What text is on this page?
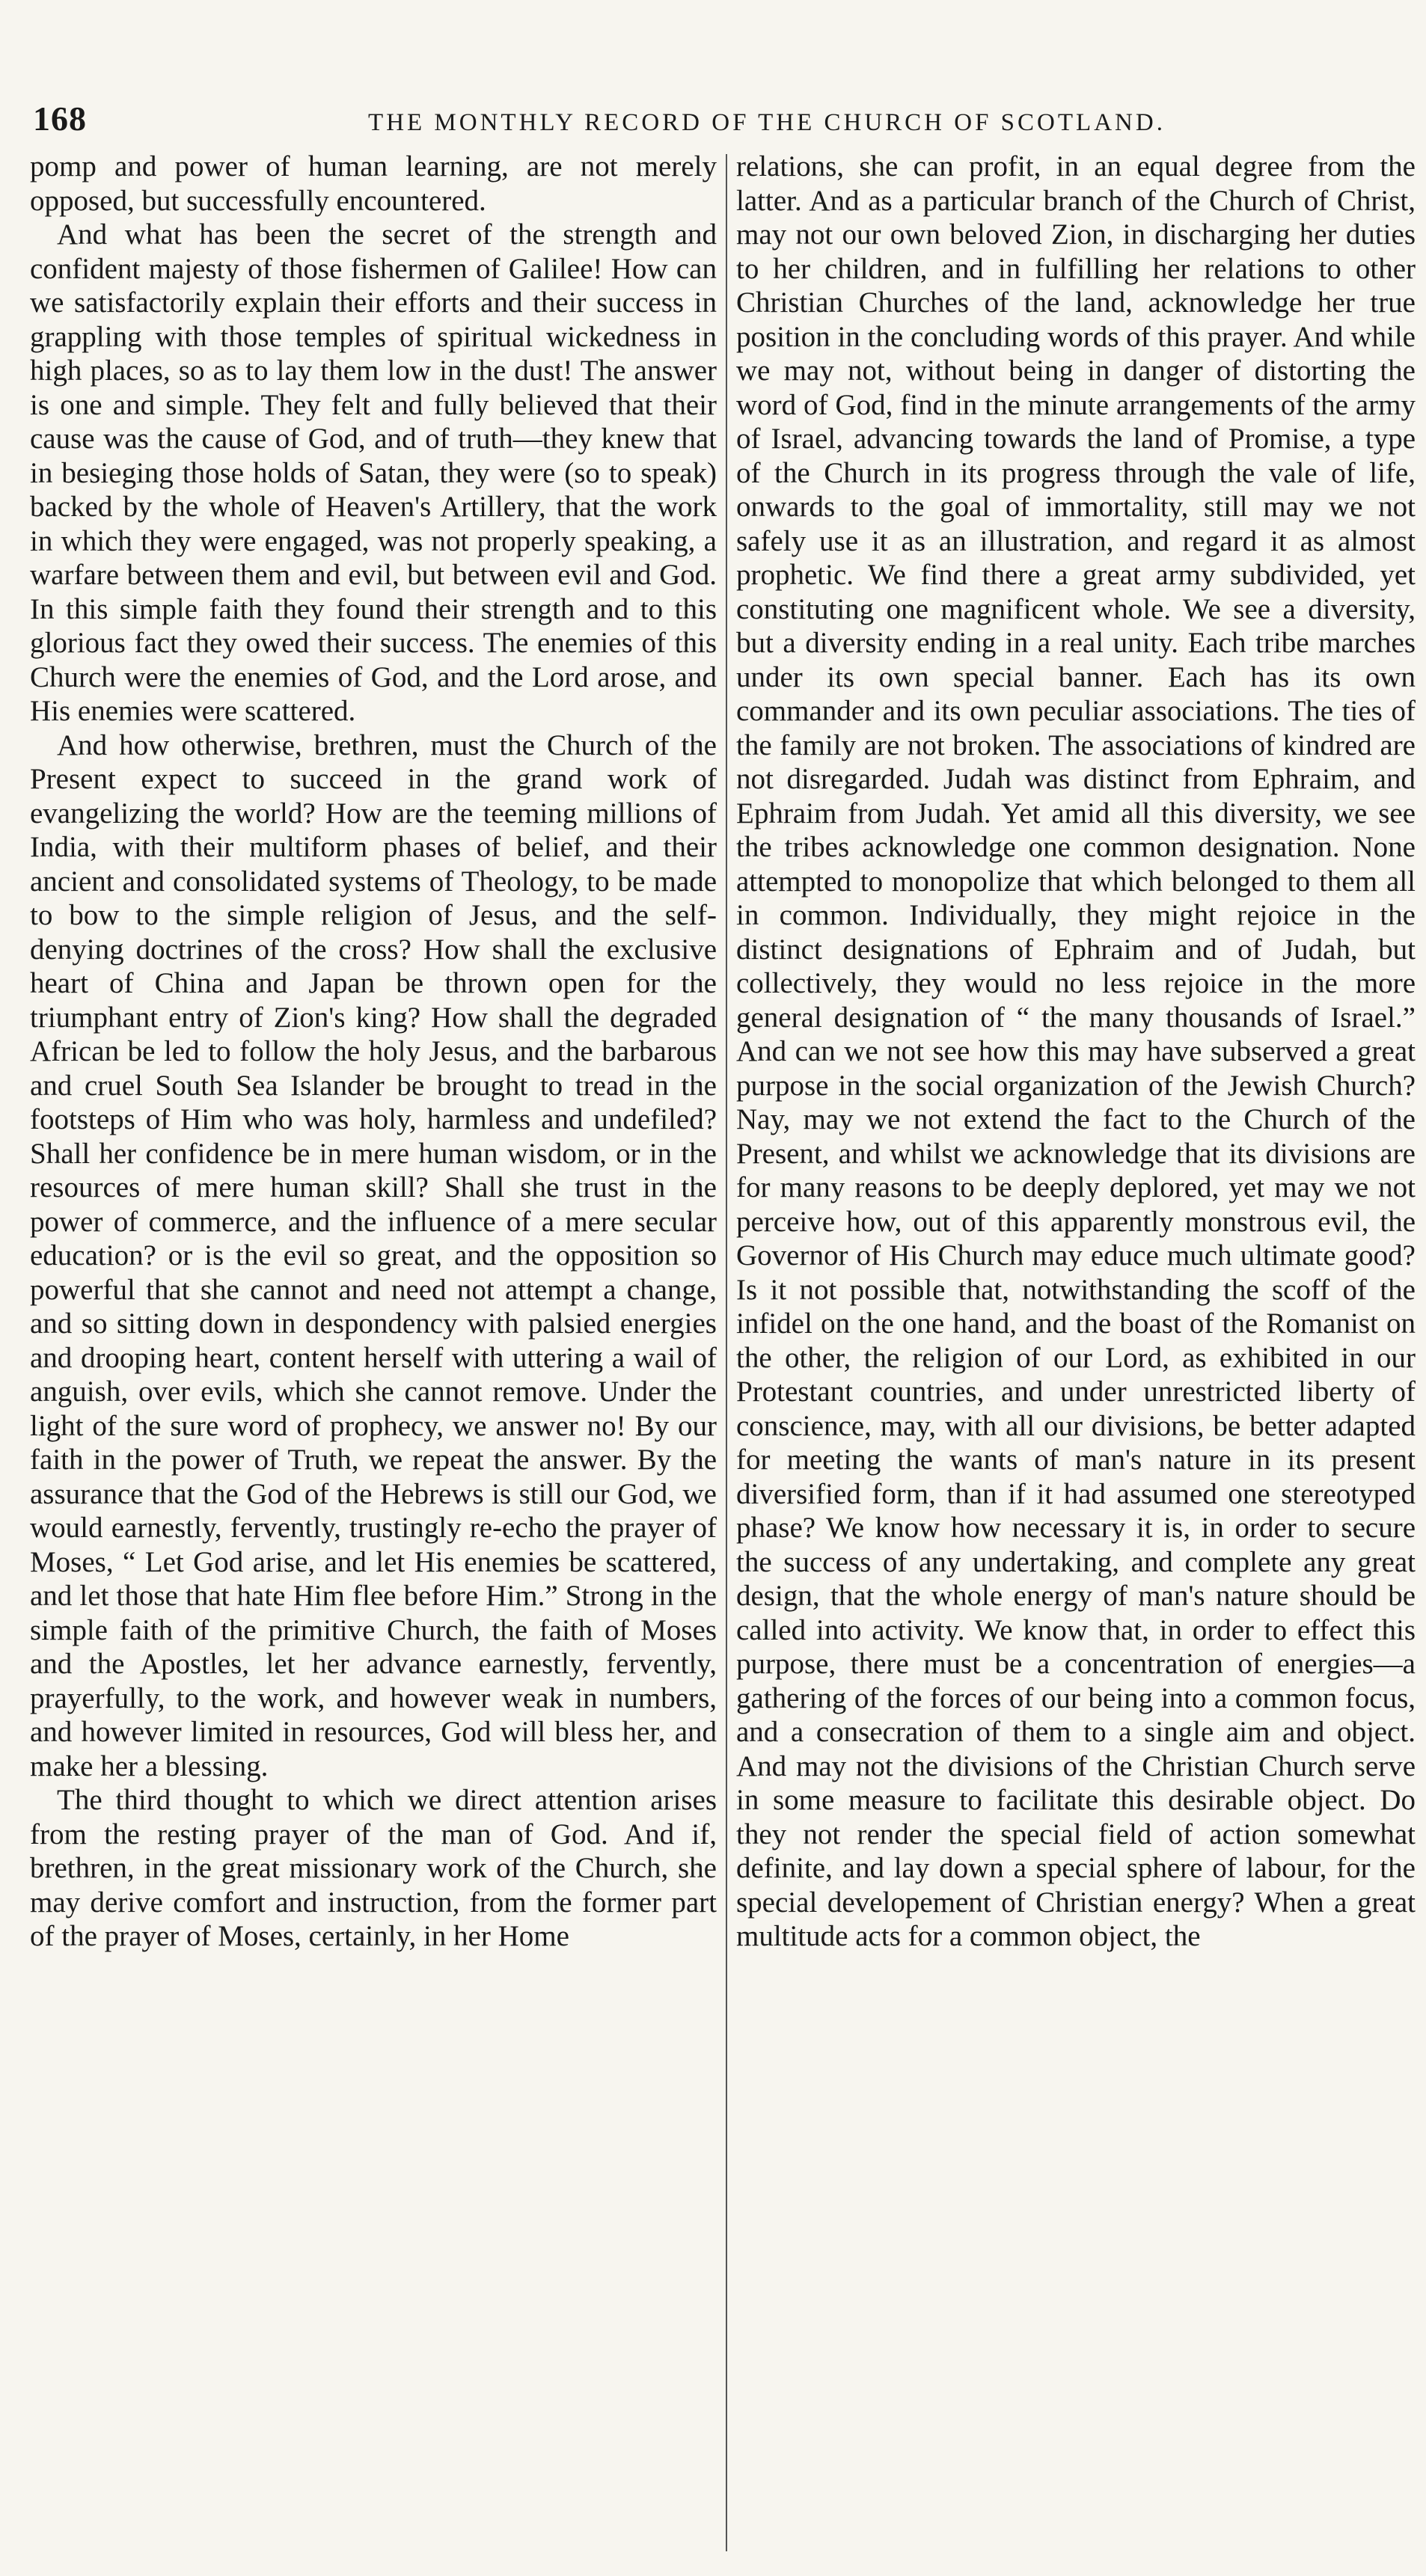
168	THE MONTHLY RECORD OF THE CHURCH OF SCOTLAND.

pomp and power of human learning, are not merely opposed, but successfully encountered.

And what has been the secret of the strength and confident majesty of those fishermen of Galilee! How can we satisfactorily explain their efforts and their success in grappling with those temples of spiritual wickedness in high places, so as to lay them low in the dust! The answer is one and simple. They felt and fully believed that their cause was the cause of God, and of truth—they knew that in besieging those holds of Satan, they were (so to speak) backed by the whole of Heaven's Artillery, that the work in which they were engaged, was not properly speaking, a warfare between them and evil, but between evil and God. In this simple faith they found their strength and to this glorious fact they owed their success. The enemies of this Church were the enemies of God, and the Lord arose, and His enemies were scattered.

And how otherwise, brethren, must the Church of the Present expect to succeed in the grand work of evangelizing the world? How are the teeming millions of India, with their multiform phases of belief, and their ancient and consolidated systems of Theology, to be made to bow to the simple religion of Jesus, and the self-denying doctrines of the cross? How shall the exclusive heart of China and Japan be thrown open for the triumphant entry of Zion's king? How shall the degraded African be led to follow the holy Jesus, and the barbarous and cruel South Sea Islander be brought to tread in the footsteps of Him who was holy, harmless and undefiled? Shall her confidence be in mere human wisdom, or in the resources of mere human skill? Shall she trust in the power of commerce, and the influence of a mere secular education? or is the evil so great, and the opposition so powerful that she cannot and need not attempt a change, and so sitting down in despondency with palsied energies and drooping heart, content herself with uttering a wail of anguish, over evils, which she cannot remove. Under the light of the sure word of prophecy, we answer no! By our faith in the power of Truth, we repeat the answer. By the assurance that the God of the Hebrews is still our God, we would earnestly, fervently, trustingly re-echo the prayer of Moses, “ Let God arise, and let His enemies be scattered, and let those that hate Him flee before Him.” Strong in the simple faith of the primitive Church, the faith of Moses and the Apostles, let her advance earnestly, fervently, prayerfully, to the work, and however weak in numbers, and however limited in resources, God will bless her, and make her a blessing.

The third thought to which we direct attention arises from the resting prayer of the man of God. And if, brethren, in the great missionary work of the Church, she may derive comfort and instruction, from the former part of the prayer of Moses, certainly, in her Home

relations, she can profit, in an equal degree from the latter. And as a particular branch of the Church of Christ, may not our own beloved Zion, in discharging her duties to her children, and in fulfilling her relations to other Christian Churches of the land, acknowledge her true position in the concluding words of this prayer. And while we may not, without being in danger of distorting the word of God, find in the minute arrangements of the army of Israel, advancing towards the land of Promise, a type of the Church in its progress through the vale of life, onwards to the goal of immortality, still may we not safely use it as an illustration, and regard it as almost prophetic. We find there a great army subdivided, yet constituting one magnificent whole. We see a diversity, but a diversity ending in a real unity. Each tribe marches under its own special banner. Each has its own commander and its own peculiar associations. The ties of the family are not broken. The associations of kindred are not disregarded. Judah was distinct from Ephraim, and Ephraim from Judah. Yet amid all this diversity, we see the tribes acknowledge one common designation. None attempted to monopolize that which belonged to them all in common. Individually, they might rejoice in the distinct designations of Ephraim and of Judah, but collectively, they would no less rejoice in the more general designation of “ the many thousands of Israel.” And can we not see how this may have subserved a great purpose in the social organization of the Jewish Church? Nay, may we not extend the fact to the Church of the Present, and whilst we acknowledge that its divisions are for many reasons to be deeply deplored, yet may we not perceive how, out of this apparently monstrous evil, the Governor of His Church may educe much ultimate good? Is it not possible that, notwithstanding the scoff of the infidel on the one hand, and the boast of the Romanist on the other, the religion of our Lord, as exhibited in our Protestant countries, and under unrestricted liberty of conscience, may, with all our divisions, be better adapted for meeting the wants of man's nature in its present diversified form, than if it had assumed one stereotyped phase? We know how necessary it is, in order to secure the success of any undertaking, and complete any great design, that the whole energy of man's nature should be called into activity. We know that, in order to effect this purpose, there must be a concentration of energies—a gathering of the forces of our being into a common focus, and a consecration of them to a single aim and object. And may not the divisions of the Christian Church serve in some measure to facilitate this desirable object. Do they not render the special field of action somewhat definite, and lay down a special sphere of labour, for the special developement of Christian energy? When a great multitude acts for a common object, the
